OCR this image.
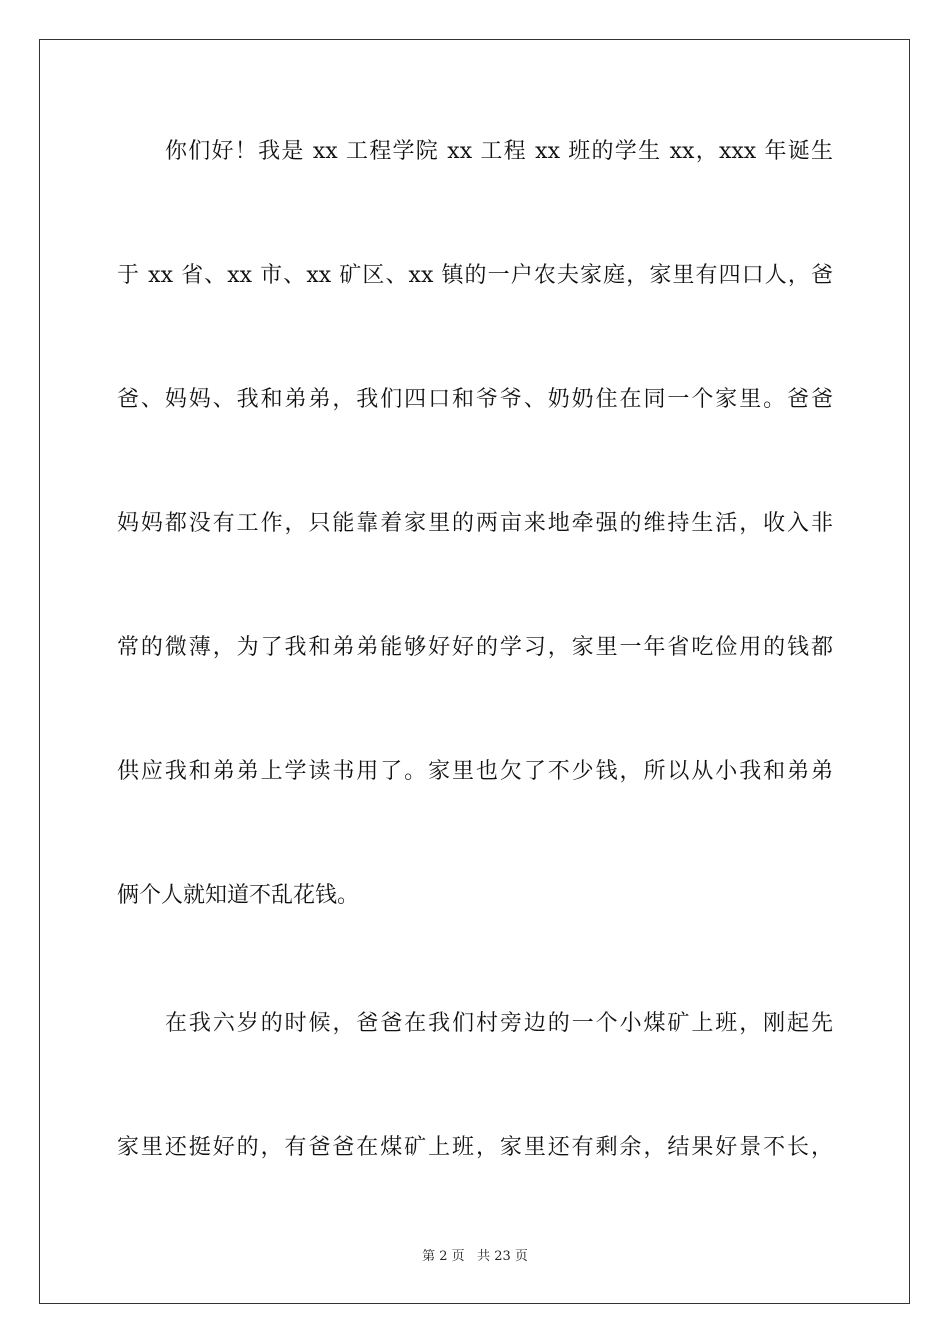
你们好！我是 xx 工程学院 xx 工程 xx 班的学生 xx，xxx 年诞生
于 xx 省、xx 市、xx 矿区、xx 镇的一户农夫家庭，家里有四口人，爸
爸、妈妈、我和弟弟，我们四口和爷爷、奶奶住在同一个家里。爸爸
妈妈都没有工作，只能靠着家里的两亩来地牵强的维持生活，收入非
常的微薄，为了我和弟弟能够好好的学习，家里一年省吃俭用的钱都
供应我和弟弟上学读书用了。家里也欠了不少钱，所以从小我和弟弟
俩个人就知道不乱花钱。
在我六岁的时候，爸爸在我们村旁边的一个小煤矿上班，刚起先
家里还挺好的，有爸爸在煤矿上班，家里还有剩余，结果好景不长，
第 2 页 共 23 页
